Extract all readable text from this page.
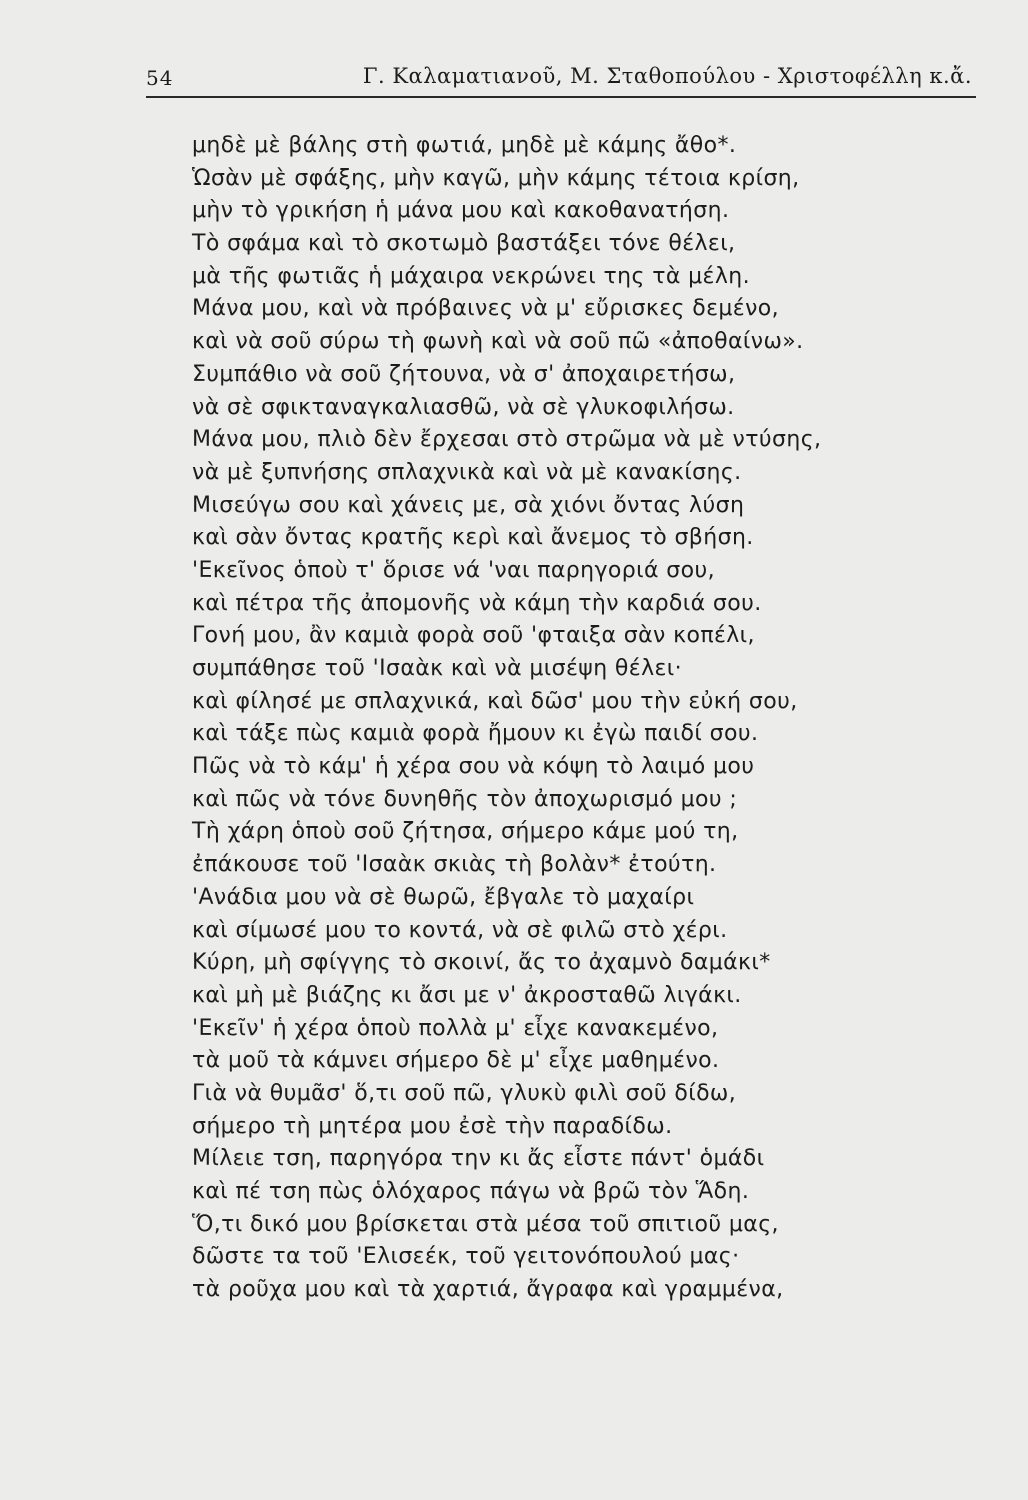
54	Γ. Καλαματιανοῦ, Μ. Σταθοπούλου - Χριστοφέλλη κ.ἄ.
μηδὲ μὲ βάλης στὴ φωτιά, μηδὲ μὲ κάμης ἄθο*.
Ὡσὰν μὲ σφάξης, μὴν καγῶ, μὴν κάμης τέτοια κρίση,
μὴν τὸ γρικήση ἡ μάνα μου καὶ κακοθανατήση.
Τὸ σφάμα καὶ τὸ σκοτωμὸ βαστάξει τόνε θέλει,
μὰ τῆς φωτιᾶς ἡ μάχαιρα νεκρώνει της τὰ μέλη.
Μάνα μου, καὶ νὰ πρόβαινες νὰ μ' εὔρισκες δεμένο,
καὶ νὰ σοῦ σύρω τὴ φωνὴ καὶ νὰ σοῦ πῶ «ἀποθαίνω».
Συμπάθιο νὰ σοῦ ζήτουνα, νὰ σ' ἀποχαιρετήσω,
νὰ σὲ σφικταναγκαλιασθῶ, νὰ σὲ γλυκοφιλήσω.
Μάνα μου, πλιὸ δὲν ἔρχεσαι στὸ στρῶμα νὰ μὲ ντύσης,
νὰ μὲ ξυπνήσης σπλαχνικὰ καὶ νὰ μὲ κανακίσης.
Μισεύγω σου καὶ χάνεις με, σὰ χιόνι ὄντας λύση
καὶ σὰν ὄντας κρατῆς κερὶ καὶ ἄνεμος τὸ σβήση.
'Εκεῖνος ὁποὺ τ' ὅρισε νά 'ναι παρηγοριά σου,
καὶ πέτρα τῆς ἀπομονῆς νὰ κάμη τὴν καρδιά σου.
Γονή μου, ἂν καμιὰ φορὰ σοῦ 'φταιξα σὰν κοπέλι,
συμπάθησε τοῦ 'Ισαὰκ καὶ νὰ μισέψη θέλει·
καὶ φίλησέ με σπλαχνικά, καὶ δῶσ' μου τὴν εὐκή σου,
καὶ τάξε πὼς καμιὰ φορὰ ἤμουν κι ἐγὼ παιδί σου.
Πῶς νὰ τὸ κάμ' ἡ χέρα σου νὰ κόψη τὸ λαιμό μου
καὶ πῶς νὰ τόνε δυνηθῆς τὸν ἀποχωρισμό μου ;
Τὴ χάρη ὁποὺ σοῦ ζήτησα, σήμερο κάμε μού τη,
ἐπάκουσε τοῦ 'Ισαὰκ σκιὰς τὴ βολὰν* ἐτούτη.
'Ανάδια μου νὰ σὲ θωρῶ, ἔβγαλε τὸ μαχαίρι
καὶ σίμωσέ μου το κοντά, νὰ σὲ φιλῶ στὸ χέρι.
Κύρη, μὴ σφίγγης τὸ σκοινί, ἄς το ἀχαμνὸ δαμάκι*
καὶ μὴ μὲ βιάζης κι ἄσι με ν' ἀκροσταθῶ λιγάκι.
'Εκεῖν' ἡ χέρα ὁποὺ πολλὰ μ' εἶχε κανακεμένο,
τὰ μοῦ τὰ κάμνει σήμερο δὲ μ' εἶχε μαθημένο.
Γιὰ νὰ θυμᾶσ' ὅ,τι σοῦ πῶ, γλυκὺ φιλὶ σοῦ δίδω,
σήμερο τὴ μητέρα μου ἐσὲ τὴν παραδίδω.
Μίλειε τση, παρηγόρα την κι ἄς εἶστε πάντ' ὁμάδι
καὶ πέ τση πὼς ὁλόχαρος πάγω νὰ βρῶ τὸν Ἅδη.
Ὅ,τι δικό μου βρίσκεται στὰ μέσα τοῦ σπιτιοῦ μας,
δῶστε τα τοῦ 'Ελισεέκ, τοῦ γειτονόπουλού μας·
τὰ ροῦχα μου καὶ τὰ χαρτιά, ἄγραφα καὶ γραμμένα,
